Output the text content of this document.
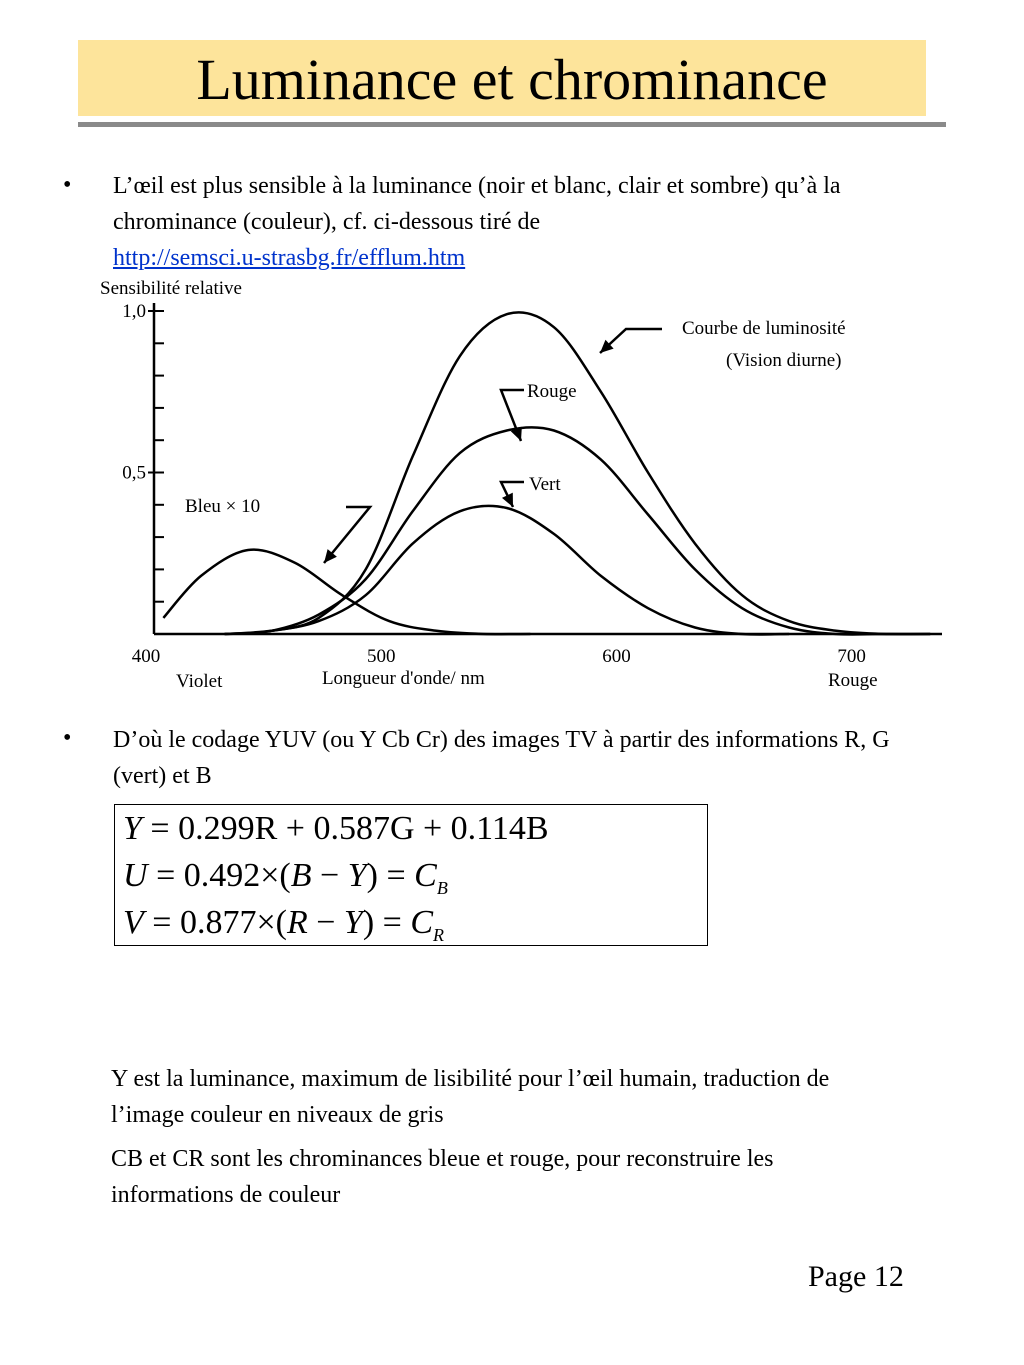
Luminance et chrominance
• L’œil est plus sensible à la luminance (noir et blanc, clair et sombre) qu’à la chrominance (couleur), cf. ci-dessous tiré de
http://semsci.u-strasbg.fr/efflum.htm
0,5
1,0
Sensibilité relative
400	500	600	700
Longueur d'onde/ nm
Violet	Rouge
Courbe de luminosité
(Vision diurne)
Rouge
Vert
Bleu × 10
• D’où le codage YUV (ou Y Cb Cr) des images TV à partir des informations R, G (vert) et B
Y = 0.299R + 0.587G + 0.114B
$U = 0.492\times(B - Y) = C_B$
$V = 0.877\times(R - Y) = C_R$
Y est la luminance, maximum de lisibilité pour l’œil humain, traduction de l’image couleur en niveaux de gris
CB et CR sont les chrominances bleue et rouge, pour reconstruire les informations de couleur
Page 12
